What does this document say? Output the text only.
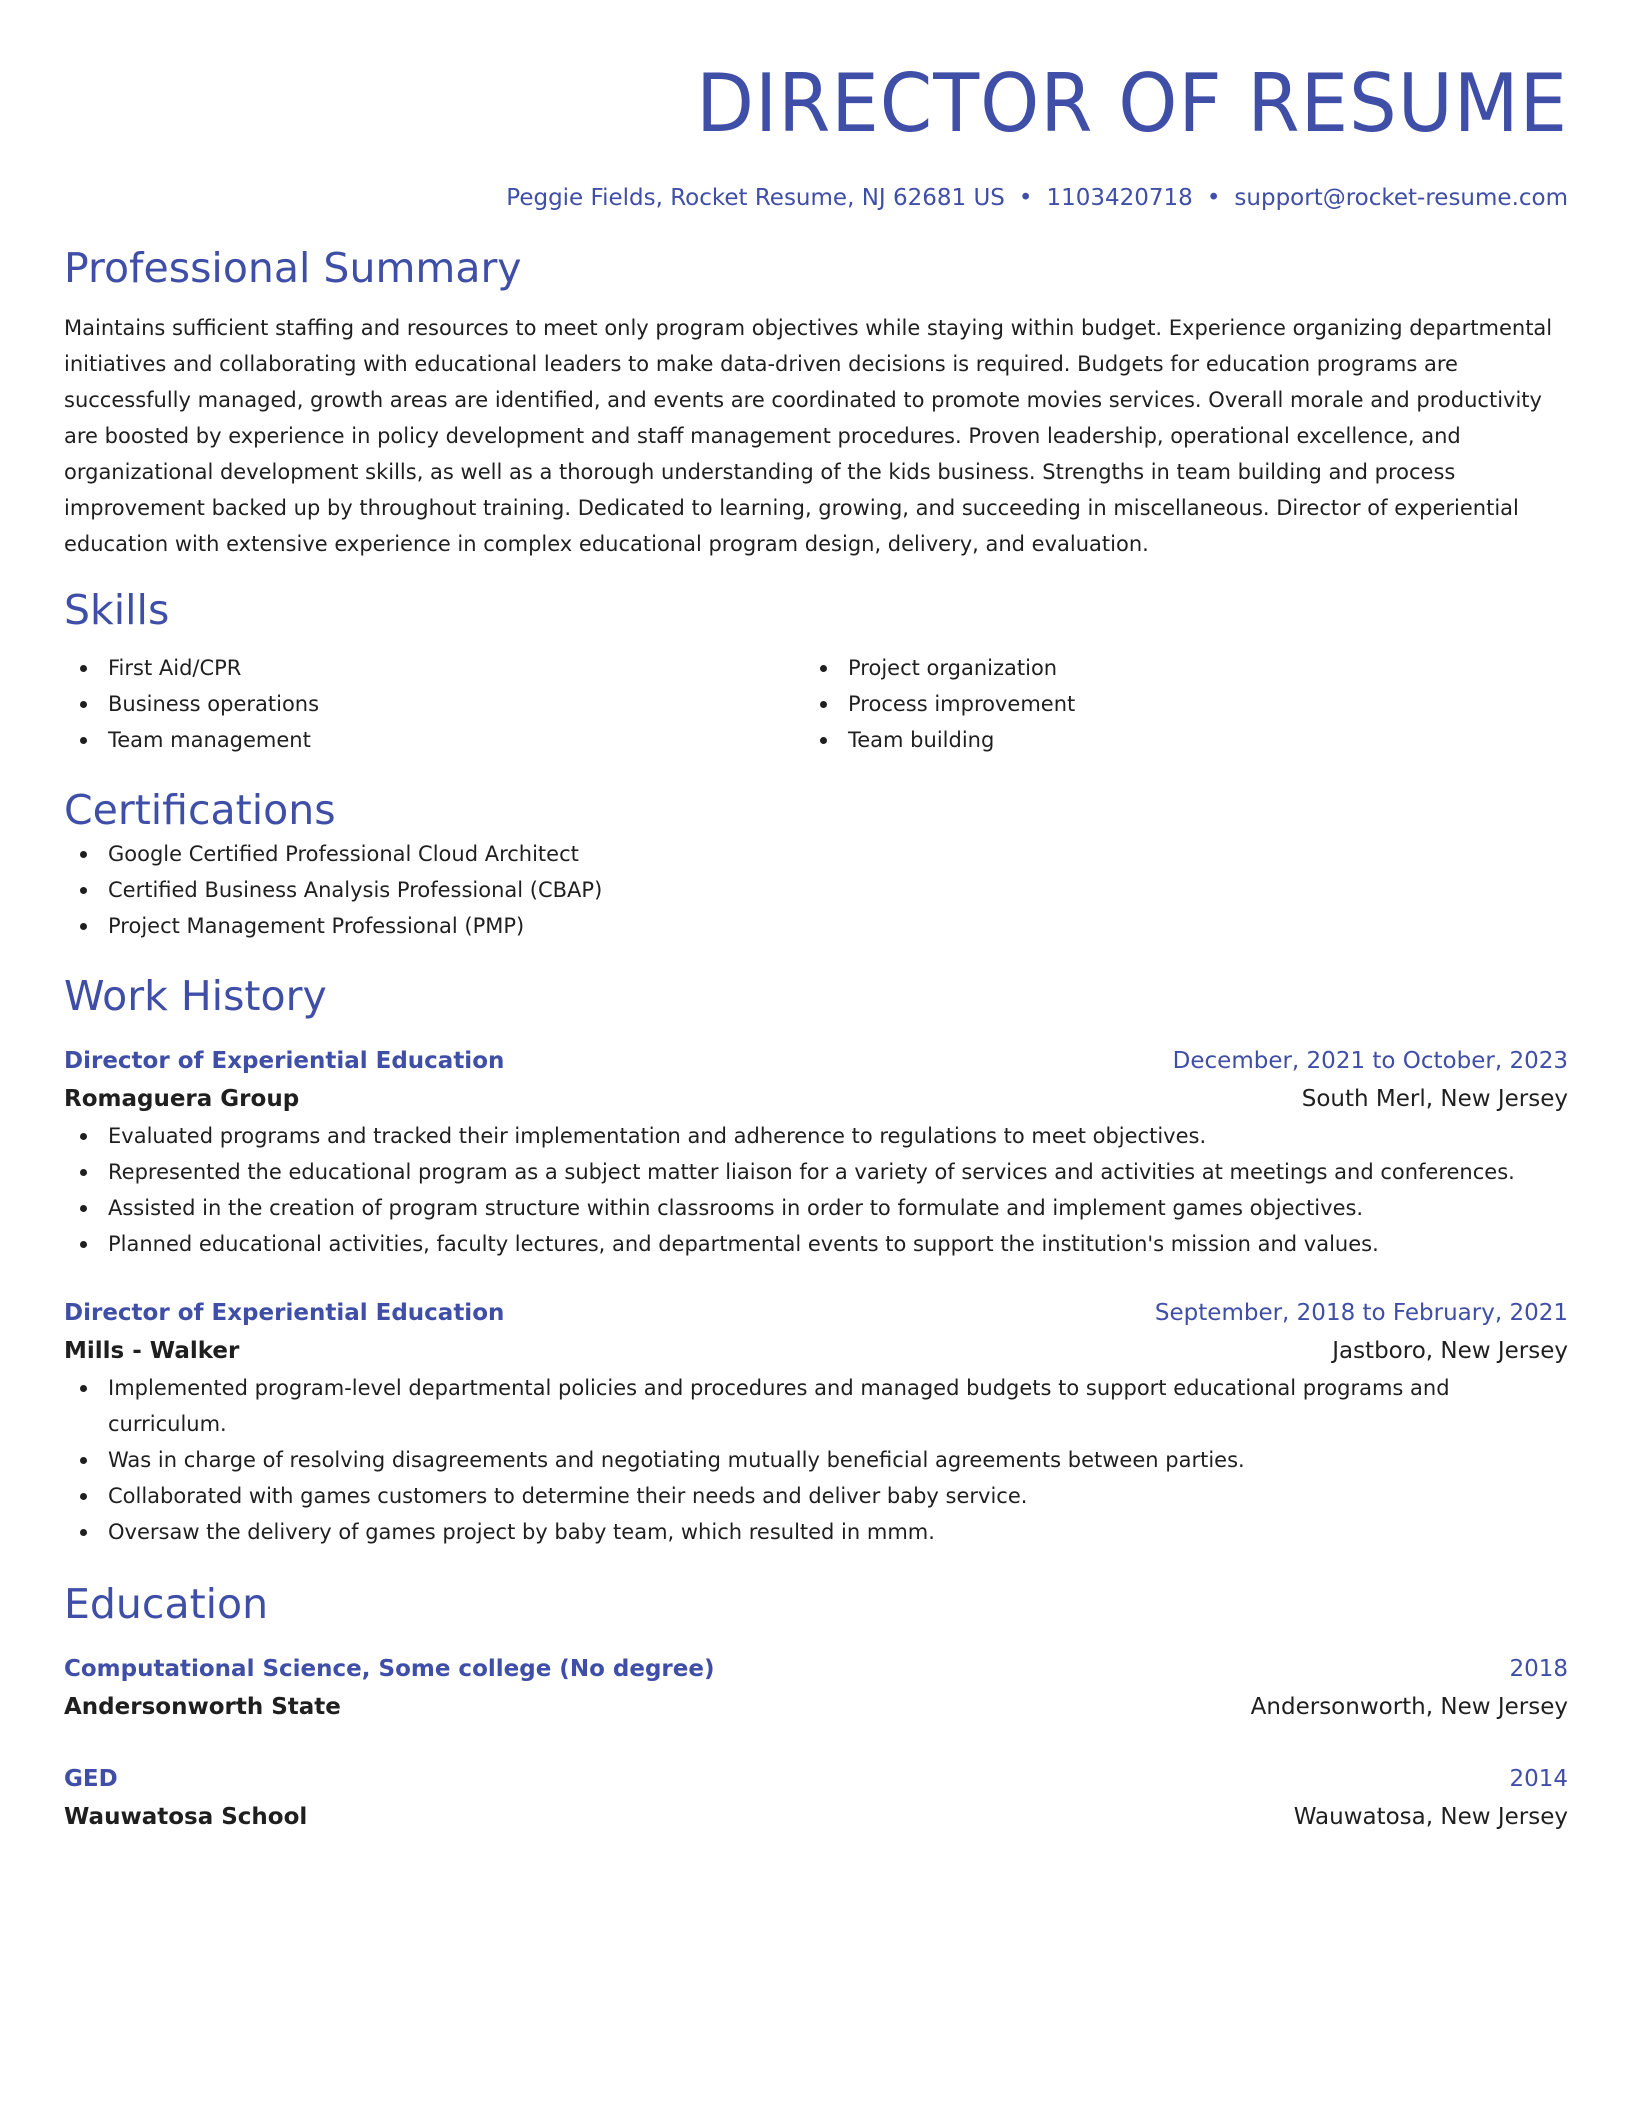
DIRECTOR OF RESUME
Peggie Fields, Rocket Resume, NJ 62681 US • 1103420718 • support@rocket-resume.com
Professional Summary
Maintains sufficient staffing and resources to meet only program objectives while staying within budget. Experience organizing departmental initiatives and collaborating with educational leaders to make data-driven decisions is required. Budgets for education programs are successfully managed, growth areas are identified, and events are coordinated to promote movies services. Overall morale and productivity are boosted by experience in policy development and staff management procedures. Proven leadership, operational excellence, and organizational development skills, as well as a thorough understanding of the kids business. Strengths in team building and process improvement backed up by throughout training. Dedicated to learning, growing, and succeeding in miscellaneous. Director of experiential education with extensive experience in complex educational program design, delivery, and evaluation.
Skills
First Aid/CPR
Business operations
Team management
Project organization
Process improvement
Team building
Certifications
Google Certified Professional Cloud Architect
Certified Business Analysis Professional (CBAP)
Project Management Professional (PMP)
Work History
Director of Experiential Education	December, 2021 to October, 2023
Romaguera Group	South Merl, New Jersey
Evaluated programs and tracked their implementation and adherence to regulations to meet objectives.
Represented the educational program as a subject matter liaison for a variety of services and activities at meetings and conferences.
Assisted in the creation of program structure within classrooms in order to formulate and implement games objectives.
Planned educational activities, faculty lectures, and departmental events to support the institution's mission and values.
Director of Experiential Education	September, 2018 to February, 2021
Mills - Walker	Jastboro, New Jersey
Implemented program-level departmental policies and procedures and managed budgets to support educational programs and curriculum.
Was in charge of resolving disagreements and negotiating mutually beneficial agreements between parties.
Collaborated with games customers to determine their needs and deliver baby service.
Oversaw the delivery of games project by baby team, which resulted in mmm.
Education
Computational Science, Some college (No degree)	2018
Andersonworth State	Andersonworth, New Jersey
GED	2014
Wauwatosa School	Wauwatosa, New Jersey
